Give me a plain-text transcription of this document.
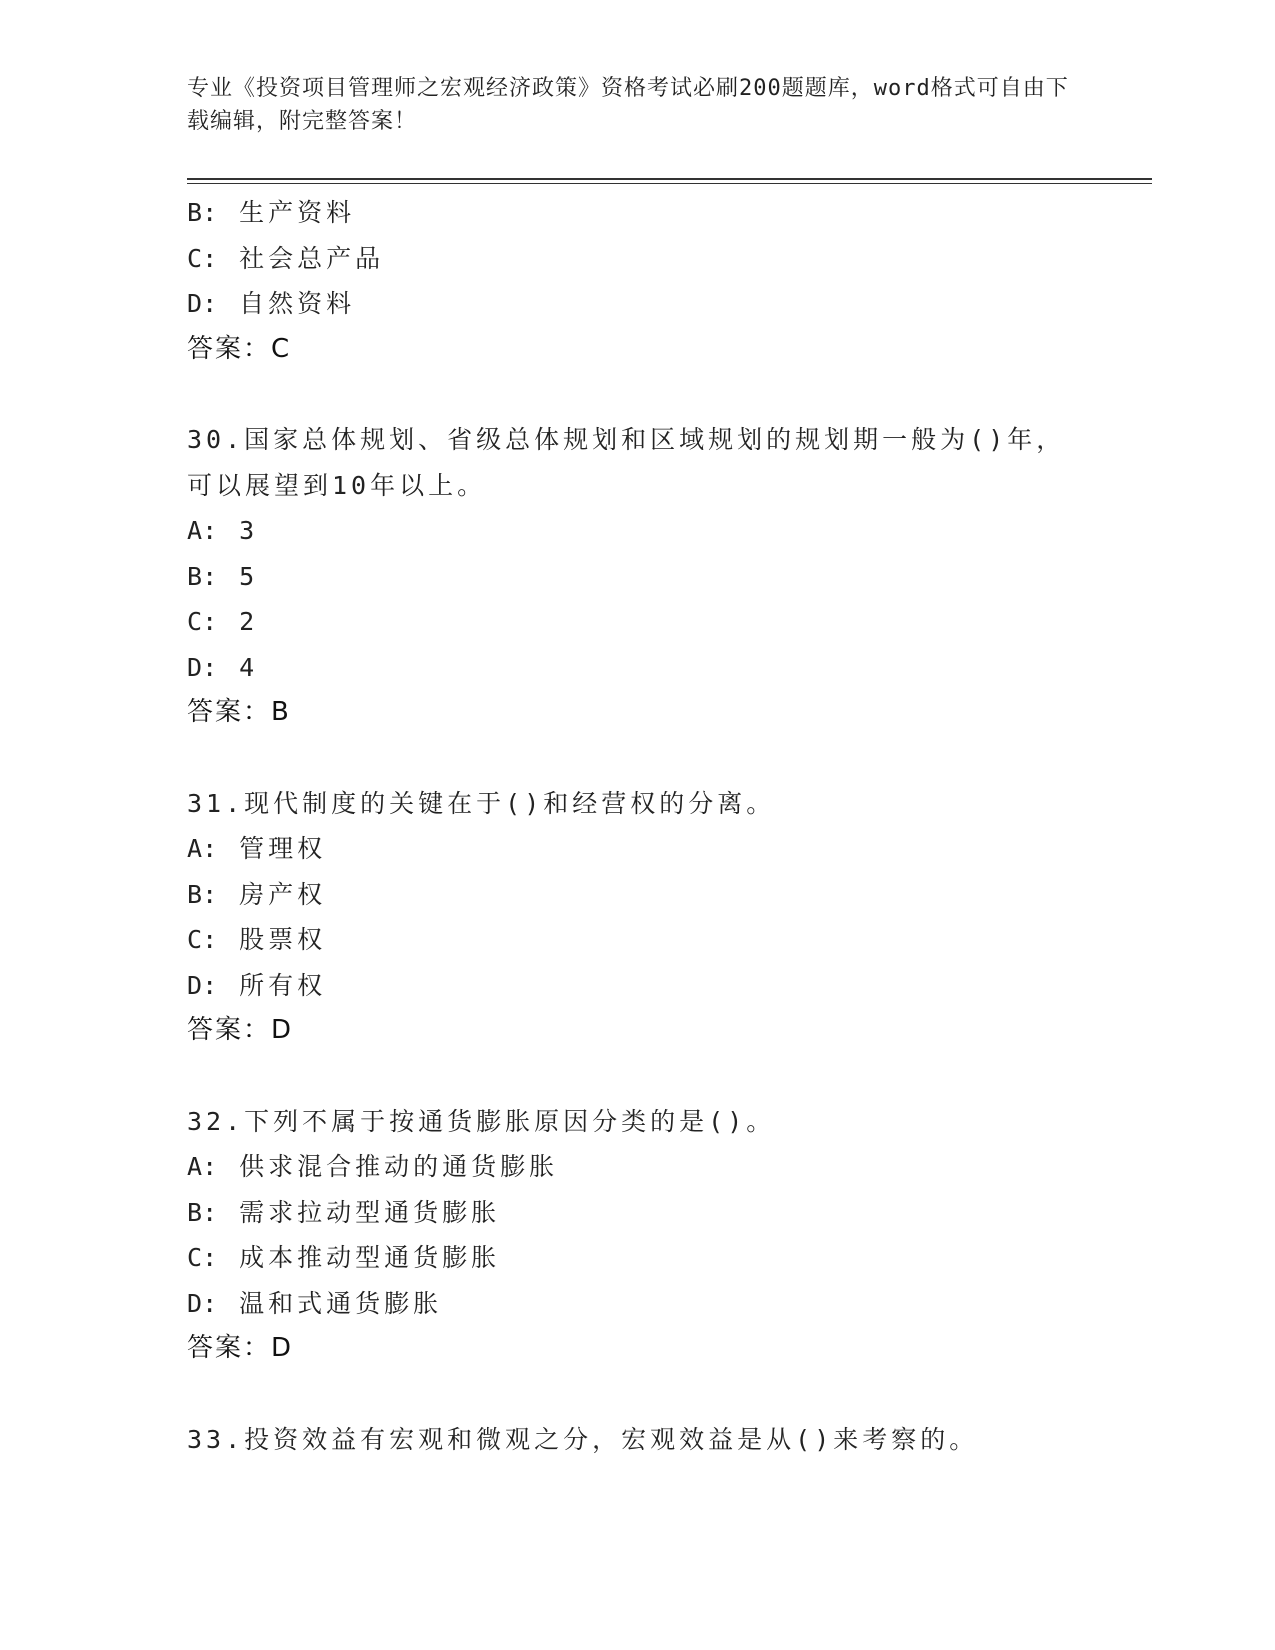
专业《投资项目管理师之宏观经济政策》资格考试必刷200题题库，word格式可自由下载编辑，附完整答案！
B: 生产资料
C: 社会总产品
D: 自然资料
答案：C
30.国家总体规划、省级总体规划和区域规划的规划期一般为()年，可以展望到10年以上。
A: 3
B: 5
C: 2
D: 4
答案：B
31.现代制度的关键在于()和经营权的分离。
A: 管理权
B: 房产权
C: 股票权
D: 所有权
答案：D
32.下列不属于按通货膨胀原因分类的是()。
A: 供求混合推动的通货膨胀
B: 需求拉动型通货膨胀
C: 成本推动型通货膨胀
D: 温和式通货膨胀
答案：D
33.投资效益有宏观和微观之分，宏观效益是从()来考察的。
